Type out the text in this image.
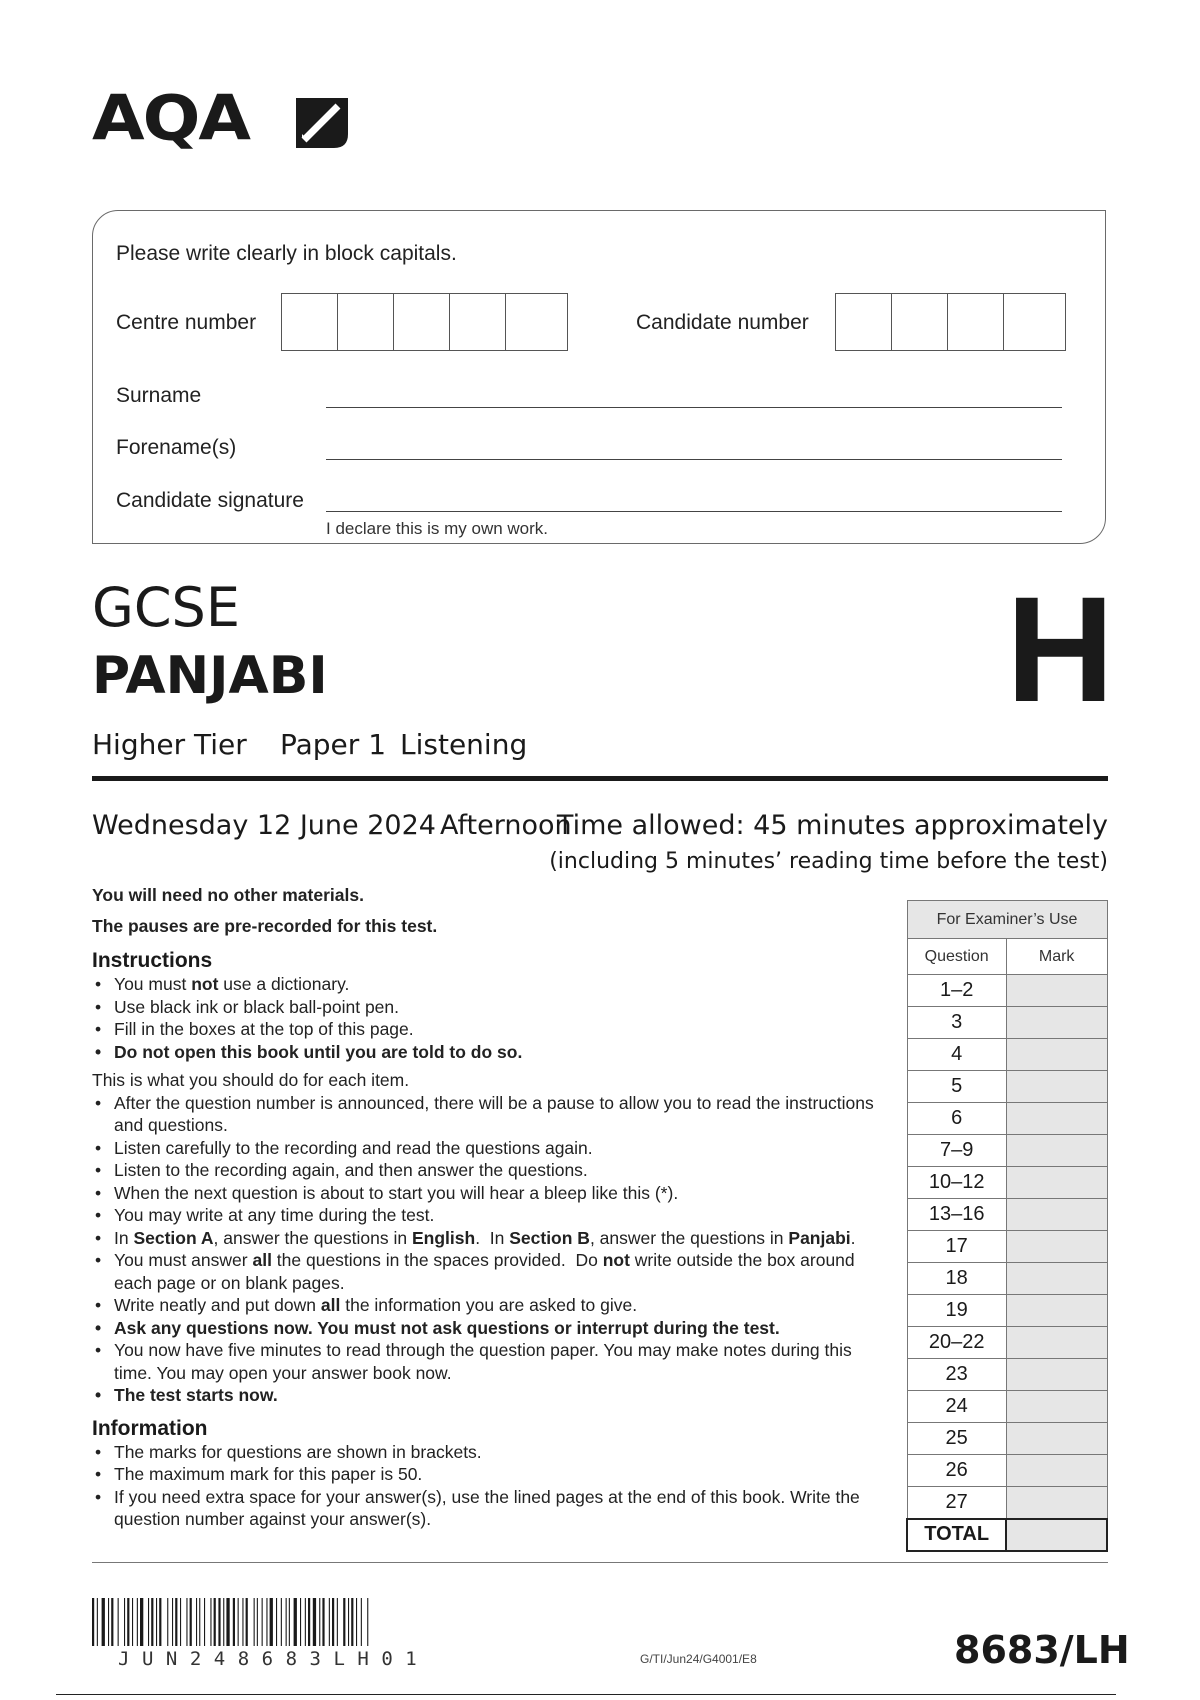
AQA
Please write clearly in block capitals.
Centre number	Candidate number
Surname
Forename(s)
Candidate signature
I declare this is my own work.
GCSE
PANJABI	H
Higher Tier Paper 1 Listening
Wednesday 12 June 2024 Afternoon
Time allowed: 45 minutes approximately
(including 5 minutes’ reading time before the test)
You will need no other materials.
The pauses are pre-recorded for this test.
Instructions
• You must not use a dictionary.
• Use black ink or black ball-point pen.
• Fill in the boxes at the top of this page.
• Do not open this book until you are told to do so.
This is what you should do for each item.
• After the question number is announced, there will be a pause to allow you to read the instructions and questions.
• Listen carefully to the recording and read the questions again.
• Listen to the recording again, and then answer the questions.
• When the next question is about to start you will hear a bleep like this (*).
• You may write at any time during the test.
• In Section A, answer the questions in English.  In Section B, answer the questions in Panjabi.
• You must answer all the questions in the spaces provided.  Do not write outside the box around each page or on blank pages.
• Write neatly and put down all the information you are asked to give.
• Ask any questions now. You must not ask questions or interrupt during the test.
• You now have five minutes to read through the question paper. You may make notes during this time. You may open your answer book now.
• The test starts now.
Information
• The marks for questions are shown in brackets.
• The maximum mark for this paper is 50.
• If you need extra space for your answer(s), use the lined pages at the end of this book. Write the question number against your answer(s).
For Examiner’s Use	
Question	Mark
1–2	
3	
4	
5	
6	
7–9	
10–12	
13–16	
17	
18	
19	
20–22	
23	
24	
25	
26	
27	
TOTAL	
JUN248683LH01	G/TI/Jun24/G4001/E8	8683/LH
